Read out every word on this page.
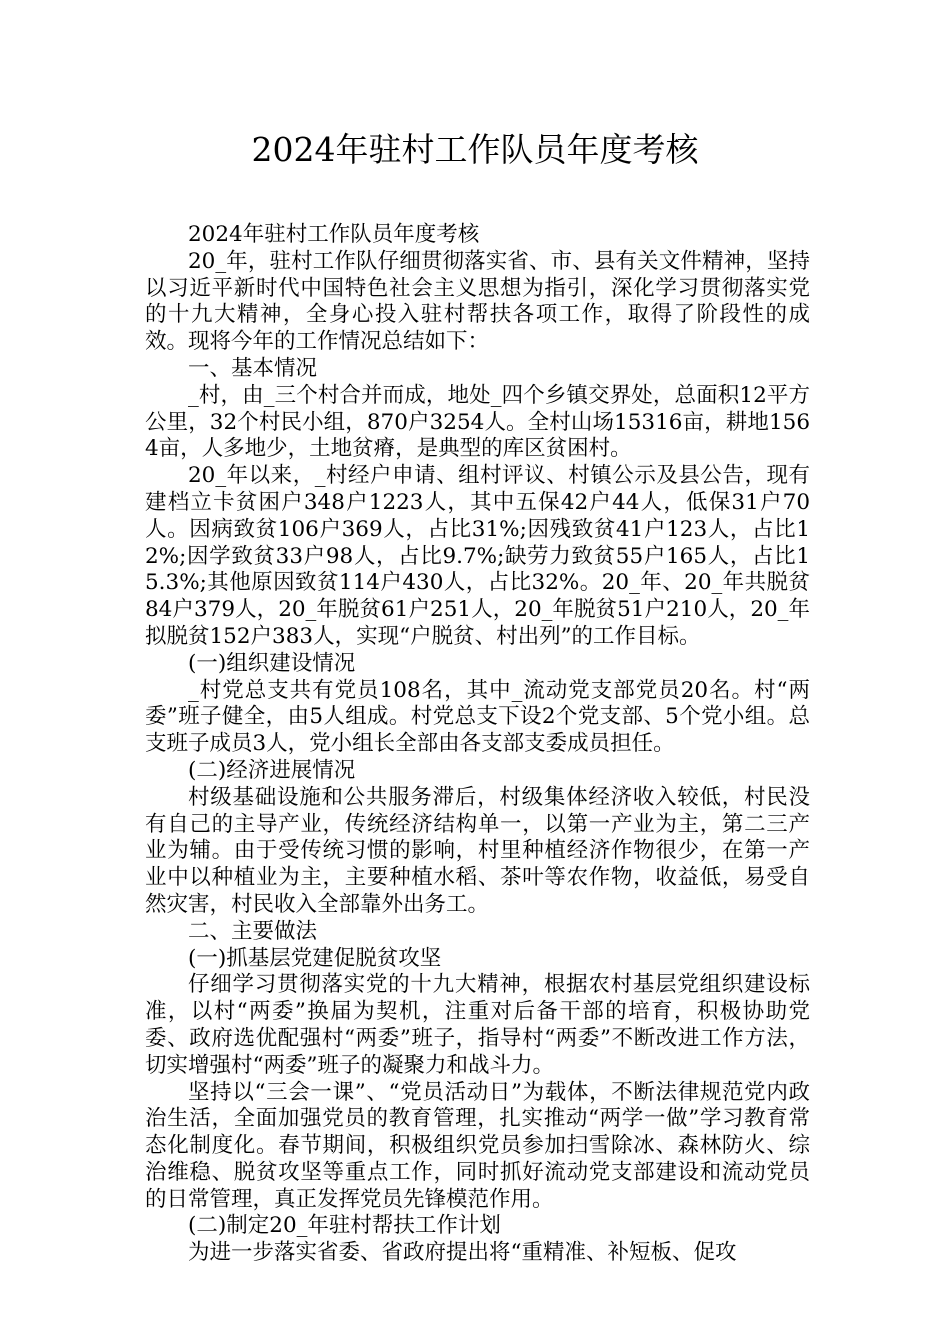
2024年驻村工作队员年度考核

2024年驻村工作队员年度考核

20_年，驻村工作队仔细贯彻落实省、市、县有关文件精神，坚持以习近平新时代中国特色社会主义思想为指引，深化学习贯彻落实党的十九大精神，全身心投入驻村帮扶各项工作，取得了阶段性的成效。现将今年的工作情况总结如下：

一、基本情况

_村，由_三个村合并而成，地处_四个乡镇交界处，总面积12平方公里，32个村民小组，870户3254人。全村山场15316亩，耕地1564亩，人多地少，土地贫瘠，是典型的库区贫困村。

20_年以来，_村经户申请、组村评议、村镇公示及县公告，现有建档立卡贫困户348户1223人，其中五保42户44人，低保31户70人。因病致贫106户369人，占比31%;因残致贫41户123人，占比12%;因学致贫33户98人，占比9.7%;缺劳力致贫55户165人，占比15.3%;其他原因致贫114户430人，占比32%。20_年、20_年共脱贫84户379人，20_年脱贫61户251人，20_年脱贫51户210人，20_年拟脱贫152户383人，实现“户脱贫、村出列”的工作目标。

(一)组织建设情况

_村党总支共有党员108名，其中_流动党支部党员20名。村“两委”班子健全，由5人组成。村党总支下设2个党支部、5个党小组。总支班子成员3人，党小组长全部由各支部支委成员担任。

(二)经济进展情况

村级基础设施和公共服务滞后，村级集体经济收入较低，村民没有自己的主导产业，传统经济结构单一，以第一产业为主，第二三产业为辅。由于受传统习惯的影响，村里种植经济作物很少，在第一产业中以种植业为主，主要种植水稻、茶叶等农作物，收益低，易受自然灾害，村民收入全部靠外出务工。

二、主要做法

(一)抓基层党建促脱贫攻坚

仔细学习贯彻落实党的十九大精神，根据农村基层党组织建设标准，以村“两委”换届为契机，注重对后备干部的培育，积极协助党委、政府选优配强村“两委”班子，指导村“两委”不断改进工作方法，切实增强村“两委”班子的凝聚力和战斗力。

坚持以“三会一课”、“党员活动日”为载体，不断法律规范党内政治生活，全面加强党员的教育管理，扎实推动“两学一做”学习教育常态化制度化。春节期间，积极组织党员参加扫雪除冰、森林防火、综治维稳、脱贫攻坚等重点工作，同时抓好流动党支部建设和流动党员的日常管理，真正发挥党员先锋模范作用。

(二)制定20_年驻村帮扶工作计划

为进一步落实省委、省政府提出将“重精准、补短板、促攻
